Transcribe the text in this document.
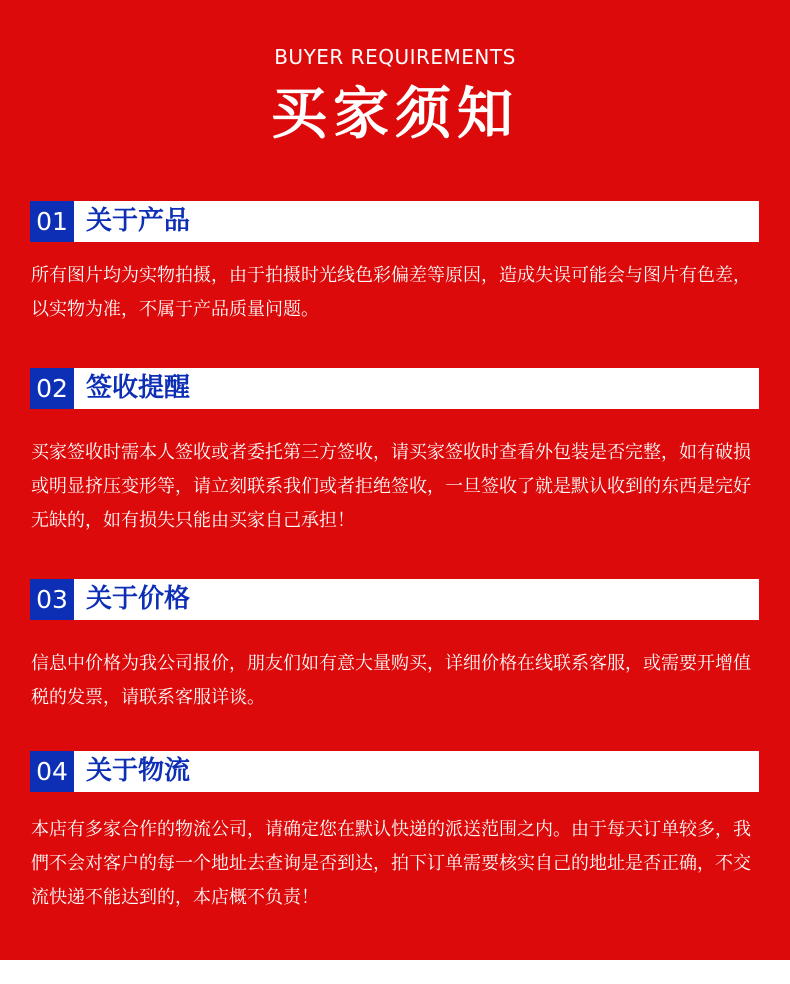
BUYER REQUIREMENTS
买家须知
01 关于产品

所有图片均为实物拍摄，由于拍摄时光线色彩偏差等原因，造成失误可能会与图片有色差，以实物为准，不属于产品质量问题。

02 签收提醒

买家签收时需本人签收或者委托第三方签收，请买家签收时查看外包装是否完整，如有破损或明显挤压变形等，请立刻联系我们或者拒绝签收，一旦签收了就是默认收到的东西是完好无缺的，如有损失只能由买家自己承担！

03 关于价格

信息中价格为我公司报价，朋友们如有意大量购买，详细价格在线联系客服，或需要开增值税的发票，请联系客服详谈。

04 关于物流

本店有多家合作的物流公司，请确定您在默认快递的派送范围之内。由于每天订单较多，我們不会对客户的每一个地址去查询是否到达，拍下订单需要核实自己的地址是否正确，不交流快递不能达到的，本店概不负责！
